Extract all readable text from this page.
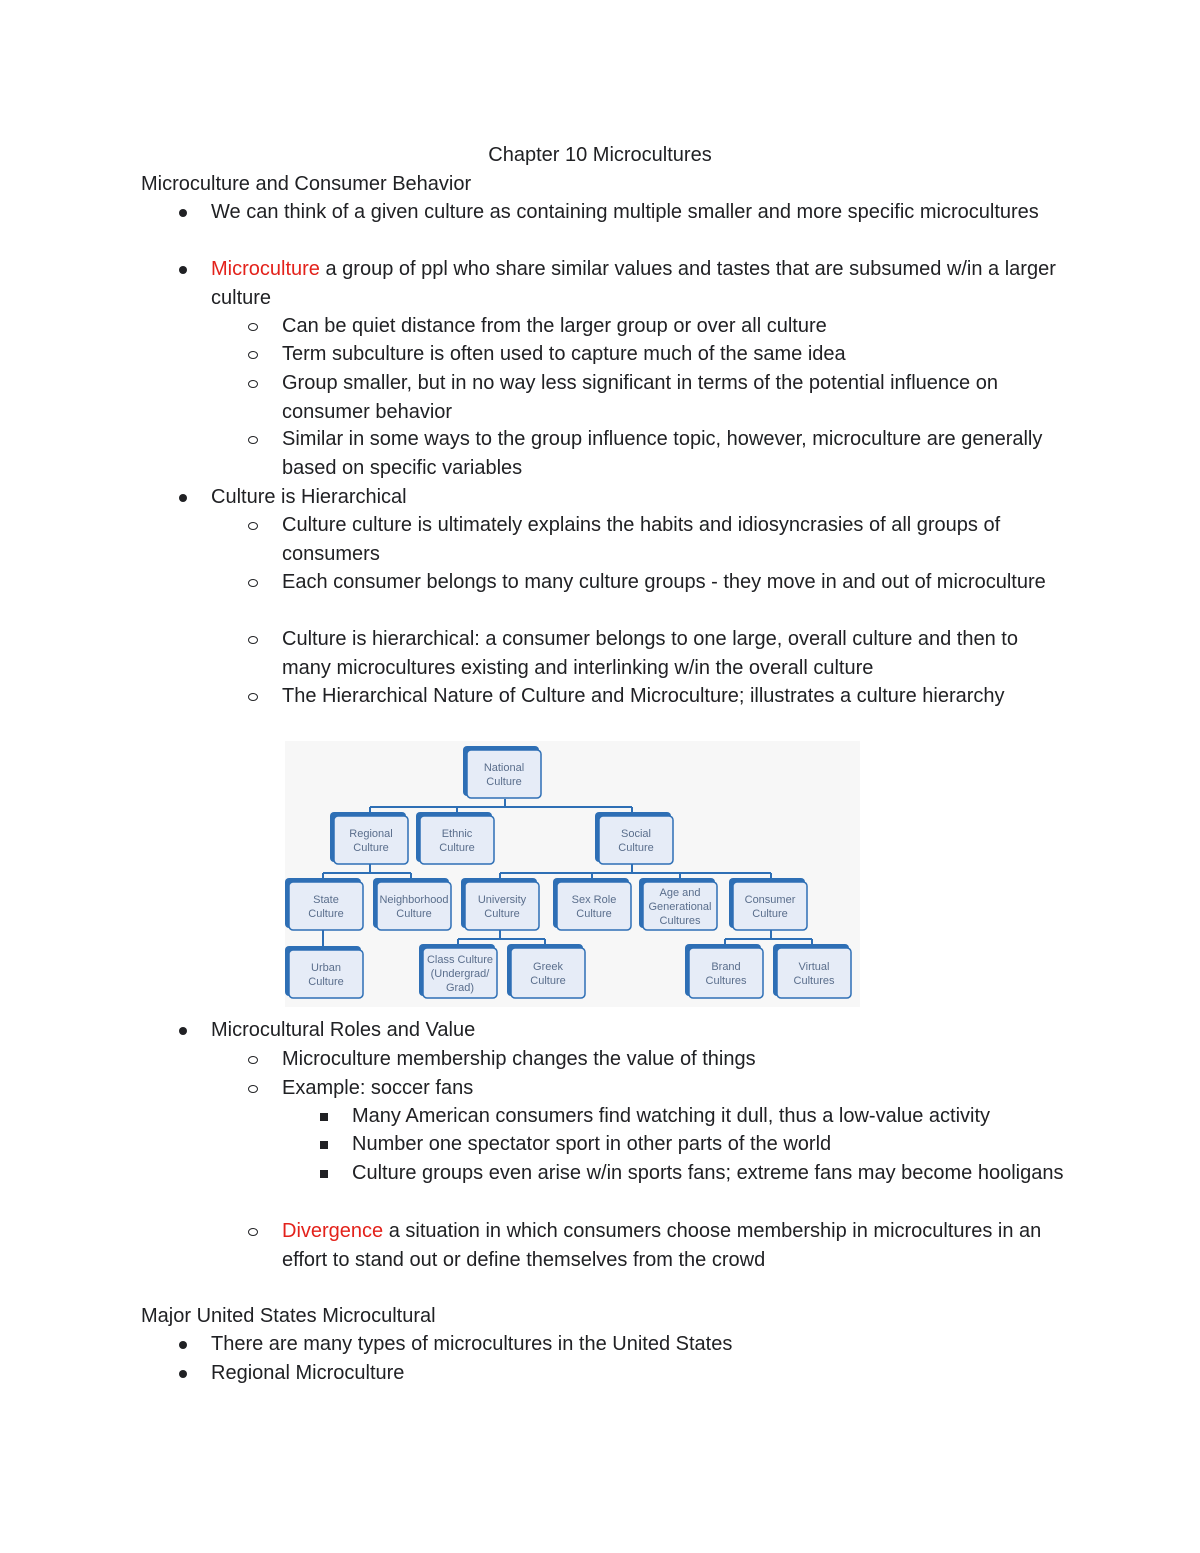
Chapter 10 Microcultures
Microculture and Consumer Behavior
We can think of a given culture as containing multiple smaller and more specific microcultures
Microculture a group of ppl who share similar values and tastes that are subsumed w/in a larger culture
Can be quiet distance from the larger group or over all culture
Term subculture is often used to capture much of the same idea
Group smaller, but in no way less significant in terms of the potential influence on consumer behavior
Similar in some ways to the group influence topic, however, microculture are generally based on specific variables
Culture is Hierarchical
Culture culture is ultimately explains the habits and idiosyncrasies of all groups of consumers
Each consumer belongs to many culture groups - they move in and out of microculture
Culture is hierarchical: a consumer belongs to one large, overall culture and then to many microcultures existing and interlinking w/in the overall culture
The Hierarchical Nature of Culture and Microculture; illustrates a culture hierarchy
National
Culture
Regional
Culture
Ethnic
Culture
Social
Culture
State
Culture
Neighborhood
Culture
University
Culture
Sex Role
Culture
Age and
Generational
Cultures
Consumer
Culture
Urban
Culture
Class Culture
(Undergrad/
Grad)
Greek
Culture
Brand
Cultures
Virtual
Cultures
Microcultural Roles and Value
Microculture membership changes the value of things
Example: soccer fans
Many American consumers find watching it dull, thus a low-value activity
Number one spectator sport in other parts of the world
Culture groups even arise w/in sports fans; extreme fans may become hooligans
Divergence a situation in which consumers choose membership in microcultures in an effort to stand out or define themselves from the crowd
Major United States Microcultural
There are many types of microcultures in the United States
Regional Microculture
